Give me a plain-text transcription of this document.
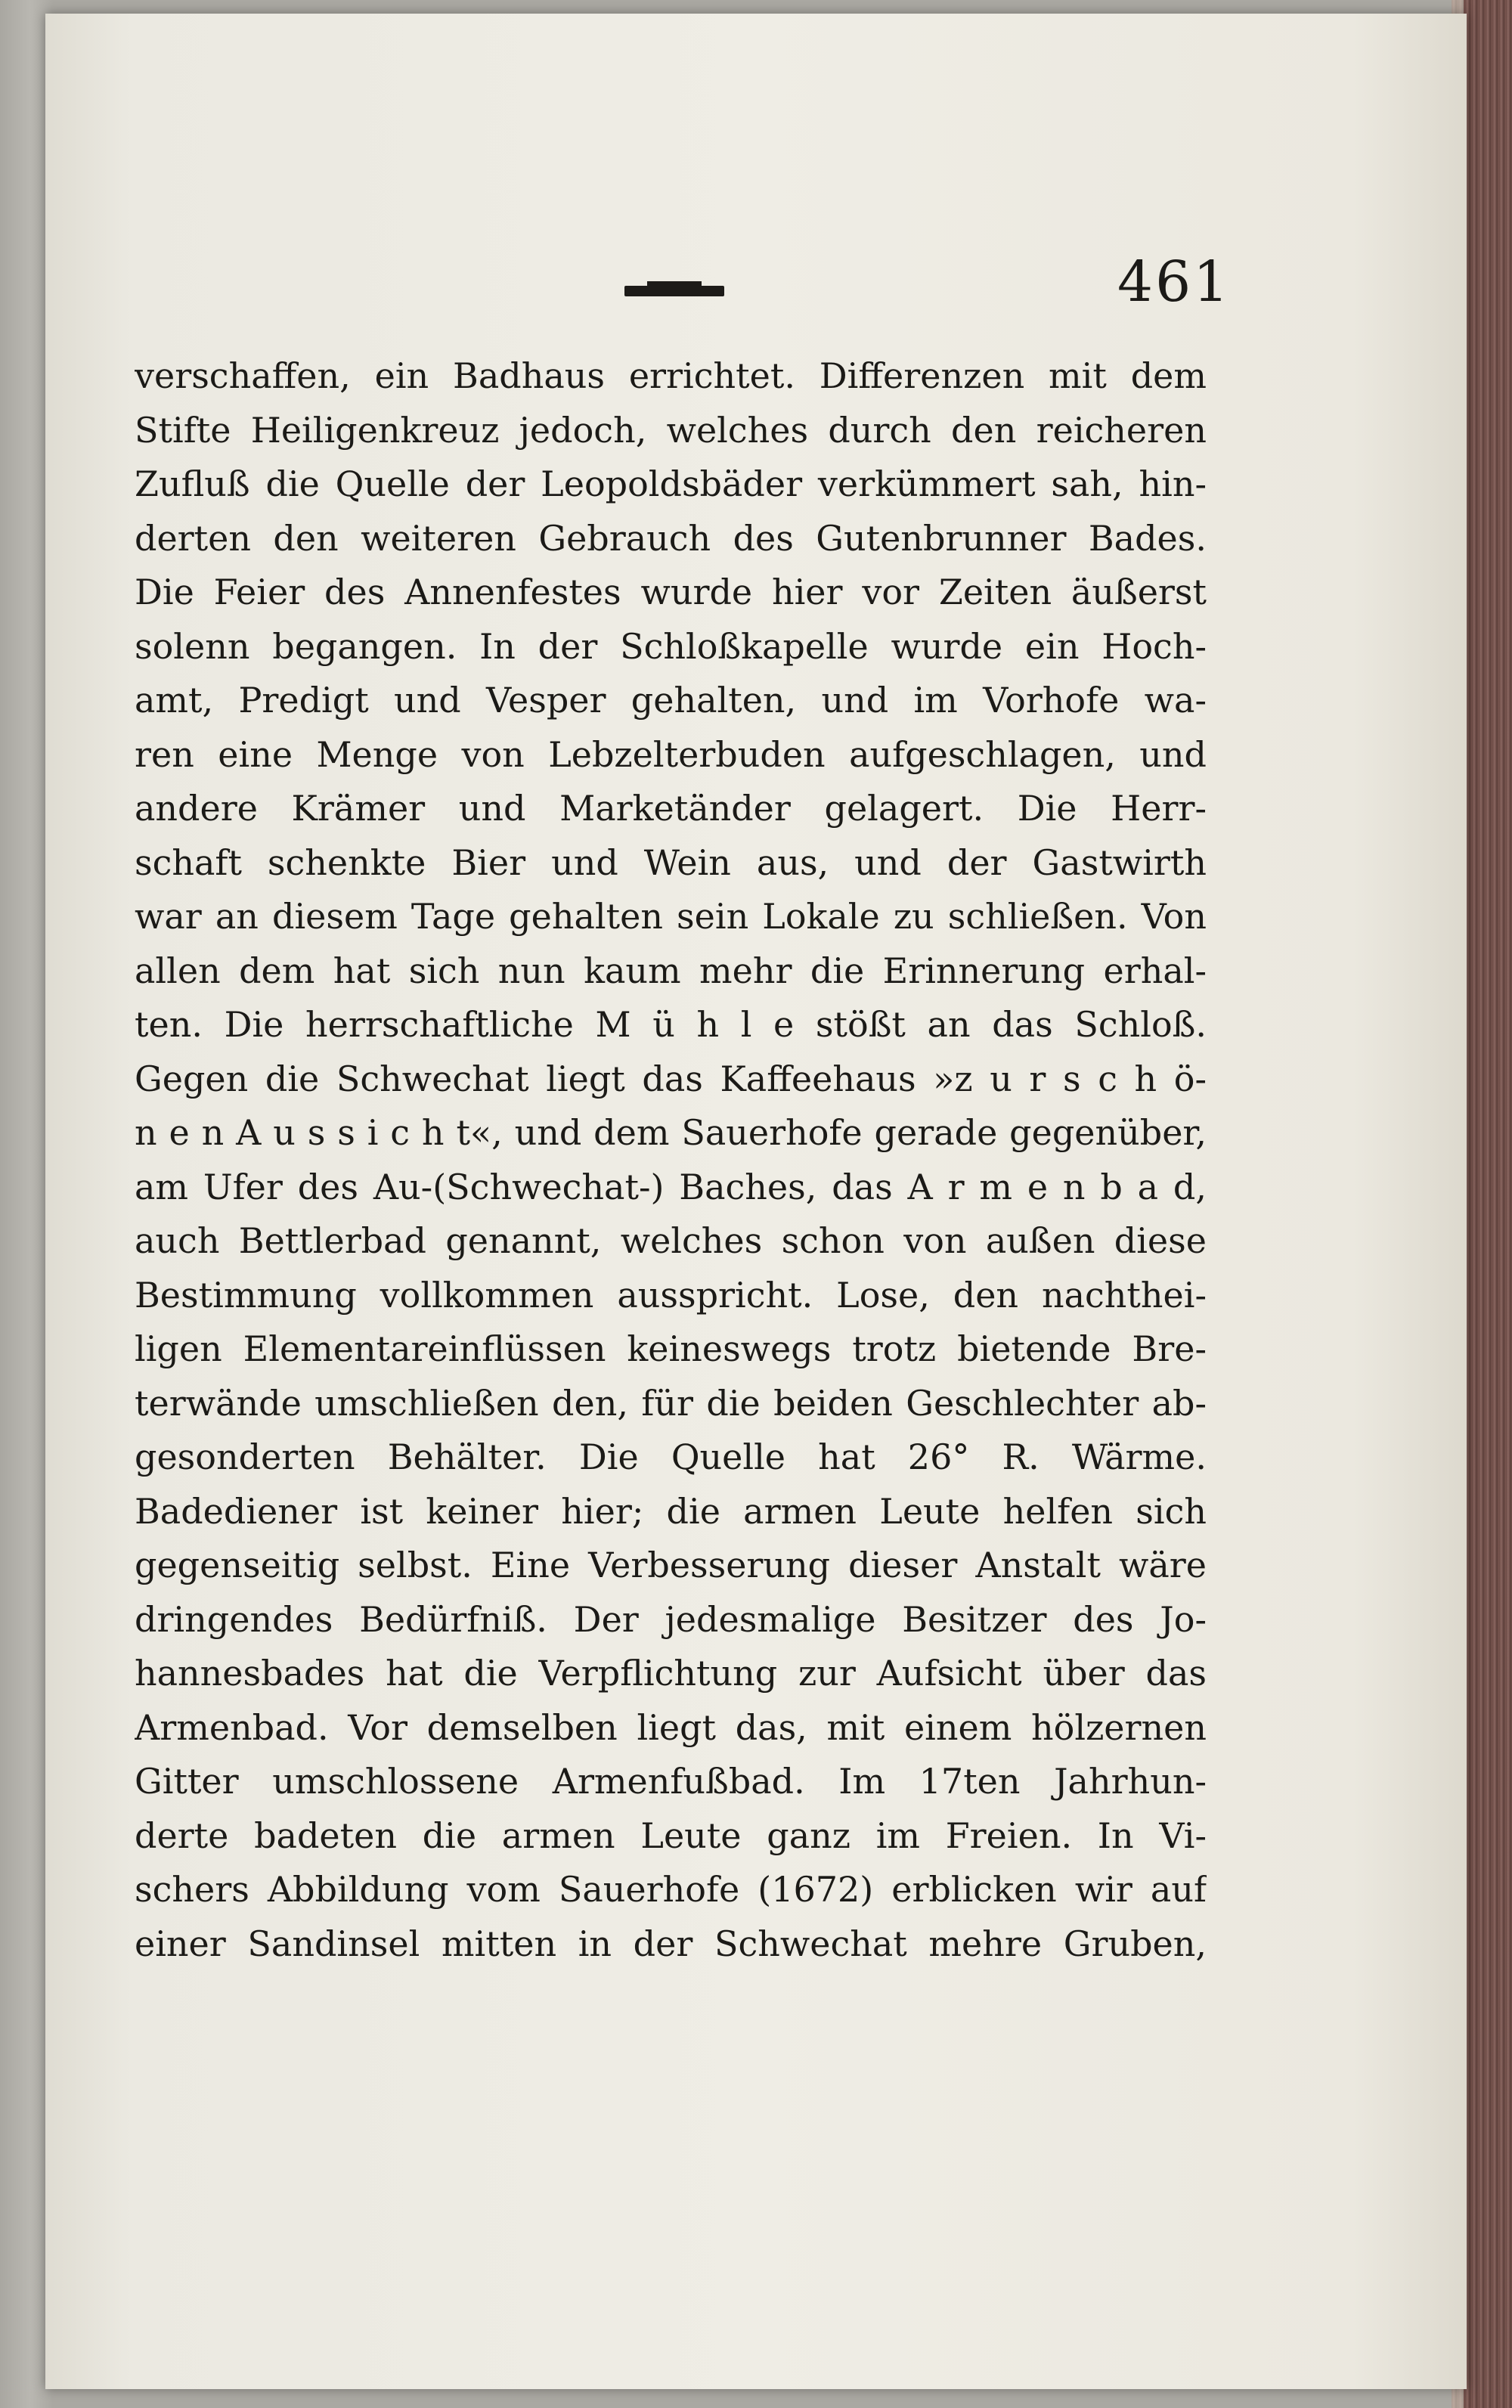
461
verschaffen, ein Badhaus errichtet. Differenzen mit dem
Stifte Heiligenkreuz jedoch, welches durch den reicheren
Zufluß die Quelle der Leopoldsbäder verkümmert sah, hin-
derten den weiteren Gebrauch des Gutenbrunner Bades.
Die Feier des Annenfestes wurde hier vor Zeiten äußerst
solenn begangen. In der Schloßkapelle wurde ein Hoch-
amt, Predigt und Vesper gehalten, und im Vorhofe wa-
ren eine Menge von Lebzelterbuden aufgeschlagen, und
andere Krämer und Marketänder gelagert. Die Herr-
schaft schenkte Bier und Wein aus, und der Gastwirth
war an diesem Tage gehalten sein Lokale zu schließen. Von
allen dem hat sich nun kaum mehr die Erinnerung erhal-
ten. Die herrschaftliche M ü h l e stößt an das Schloß.
Gegen die Schwechat liegt das Kaffeehaus »z u r s c h ö-
n e n A u s s i c h t«, und dem Sauerhofe gerade gegenüber,
am Ufer des Au-(Schwechat-) Baches, das A r m e n b a d,
auch Bettlerbad genannt, welches schon von außen diese
Bestimmung vollkommen ausspricht. Lose, den nachthei-
ligen Elementareinflüssen keineswegs trotz bietende Bre-
terwände umschließen den, für die beiden Geschlechter ab-
gesonderten Behälter. Die Quelle hat 26° R. Wärme.
Badediener ist keiner hier; die armen Leute helfen sich
gegenseitig selbst. Eine Verbesserung dieser Anstalt wäre
dringendes Bedürfniß. Der jedesmalige Besitzer des Jo-
hannesbades hat die Verpflichtung zur Aufsicht über das
Armenbad. Vor demselben liegt das, mit einem hölzernen
Gitter umschlossene Armenfußbad. Im 17ten Jahrhun-
derte badeten die armen Leute ganz im Freien. In Vi-
schers Abbildung vom Sauerhofe (1672) erblicken wir auf
einer Sandinsel mitten in der Schwechat mehre Gruben,
